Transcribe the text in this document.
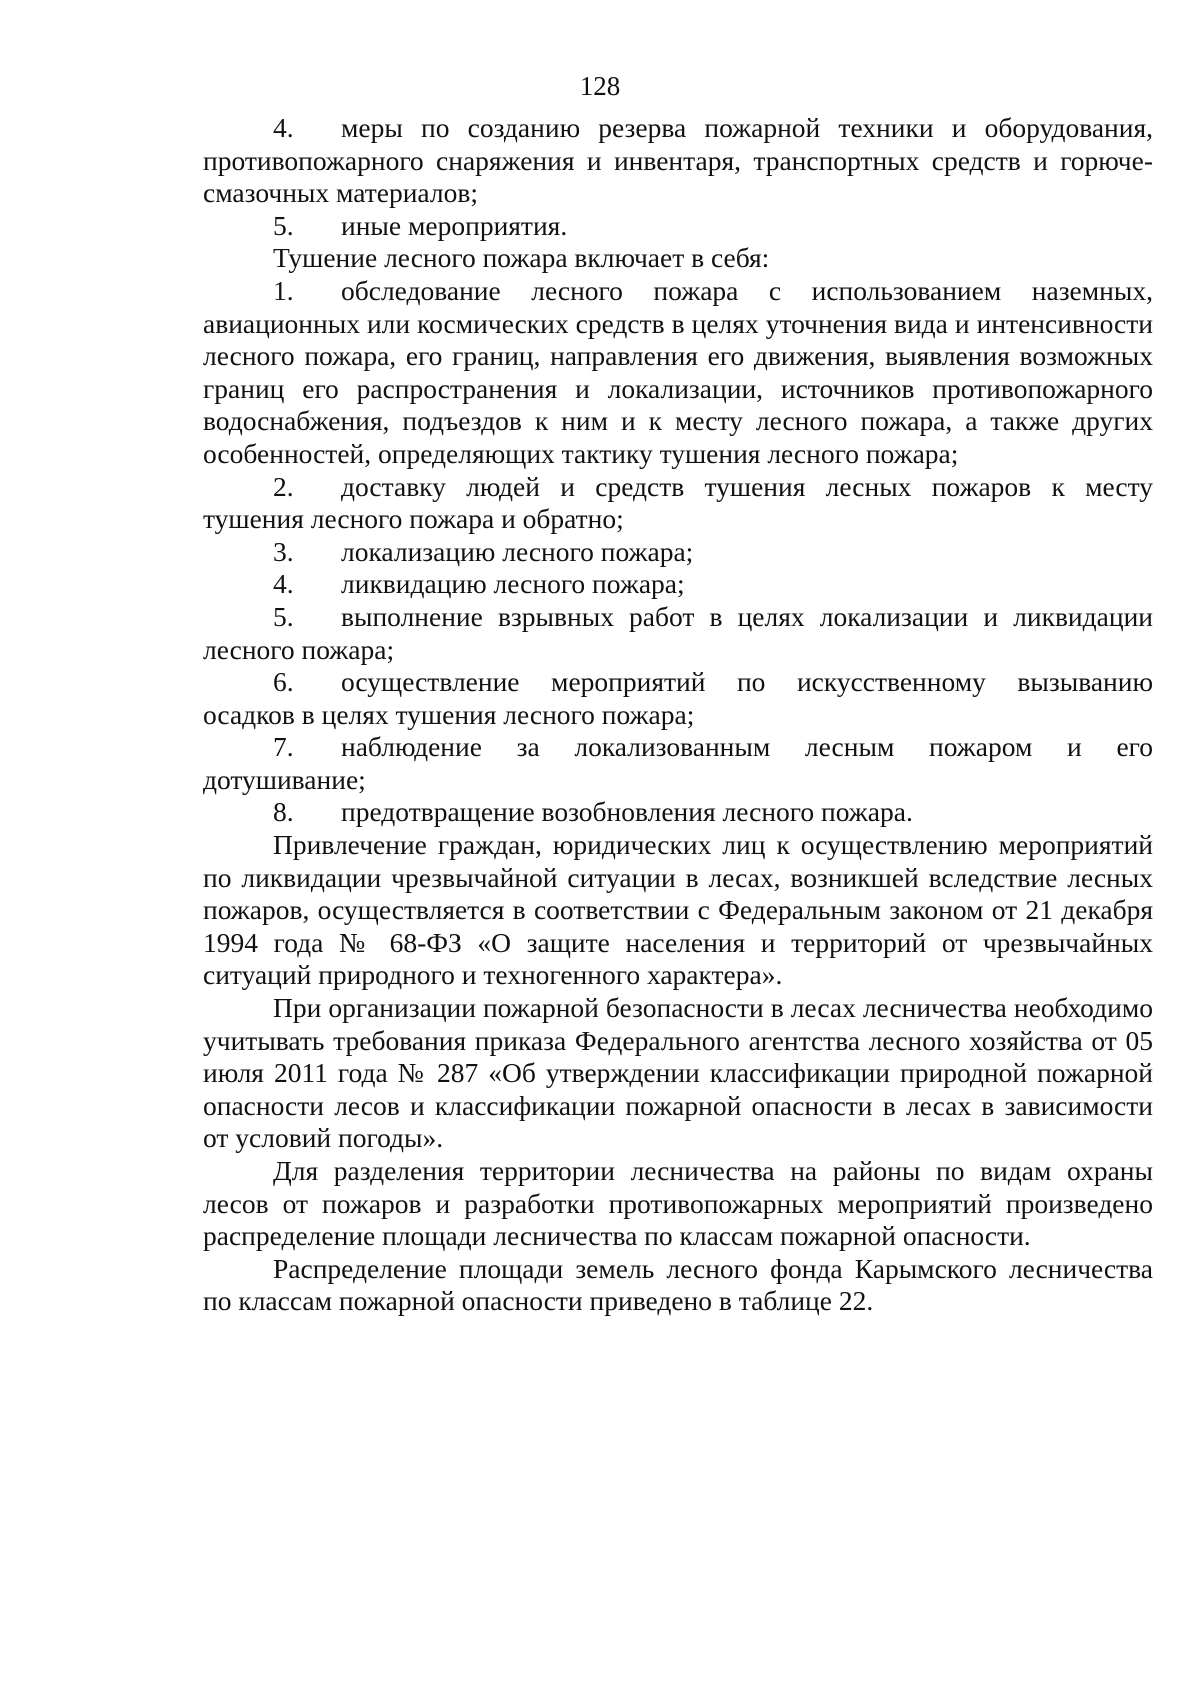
128

4. меры по созданию резерва пожарной техники и оборудования, противопожарного снаряжения и инвентаря, транспортных средств и горюче-смазочных материалов;

5. иные мероприятия.

Тушение лесного пожара включает в себя:

1. обследование лесного пожара с использованием наземных, авиационных или космических средств в целях уточнения вида и интенсивности лесного пожара, его границ, направления его движения, выявления возможных границ его распространения и локализации, источников противопожарного водоснабжения, подъездов к ним и к месту лесного пожара, а также других особенностей, определяющих тактику тушения лесного пожара;

2. доставку людей и средств тушения лесных пожаров к месту тушения лесного пожара и обратно;

3. локализацию лесного пожара;

4. ликвидацию лесного пожара;

5. выполнение взрывных работ в целях локализации и ликвидации лесного пожара;

6. осуществление мероприятий по искусственному вызыванию осадков в целях тушения лесного пожара;

7. наблюдение за локализованным лесным пожаром и его дотушивание;

8. предотвращение возобновления лесного пожара.

Привлечение граждан, юридических лиц к осуществлению мероприятий по ликвидации чрезвычайной ситуации в лесах, возникшей вследствие лесных пожаров, осуществляется в соответствии с Федеральным законом от 21 декабря 1994 года № 68-ФЗ «О защите населения и территорий от чрезвычайных ситуаций природного и техногенного характера».

При организации пожарной безопасности в лесах лесничества необходимо учитывать требования приказа Федерального агентства лесного хозяйства от 05 июля 2011 года № 287 «Об утверждении классификации природной пожарной опасности лесов и классификации пожарной опасности в лесах в зависимости от условий погоды».

Для разделения территории лесничества на районы по видам охраны лесов от пожаров и разработки противопожарных мероприятий произведено распределение площади лесничества по классам пожарной опасности.

Распределение площади земель лесного фонда Карымского лесничества по классам пожарной опасности приведено в таблице 22.
